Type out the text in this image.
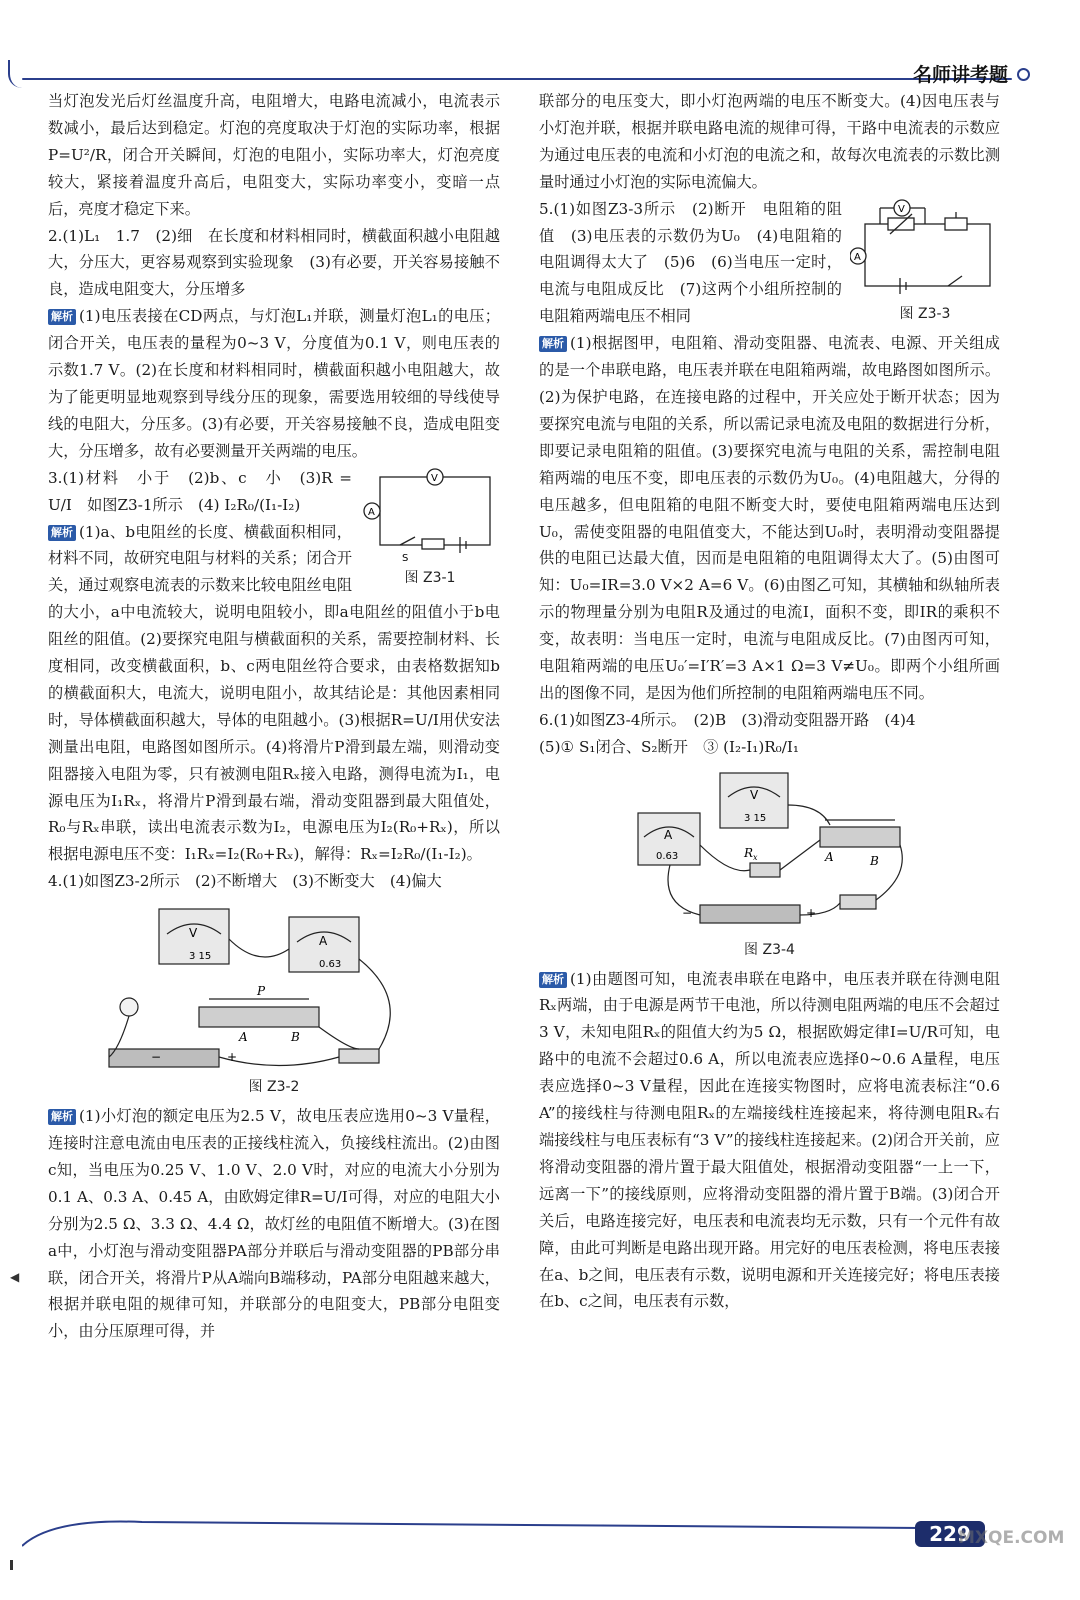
名师讲考题

当灯泡发光后灯丝温度升高，电阻增大，电路电流减小，电流表示数减小，最后达到稳定。灯泡的亮度取决于灯泡的实际功率，根据P=U²/R，闭合开关瞬间，灯泡的电阻小，实际功率大，灯泡亮度较大，紧接着温度升高后，电阻变大，实际功率变小，变暗一点后，亮度才稳定下来。

2.(1)L₁　1.7　(2)细　在长度和材料相同时，横截面积越小电阻越大，分压大，更容易观察到实验现象　(3)有必要，开关容易接触不良，造成电阻变大，分压增多

解析 (1)电压表接在CD两点，与灯泡L₁并联，测量灯泡L₁的电压；闭合开关，电压表的量程为0~3 V，分度值为0.1 V，则电压表的示数1.7 V。(2)在长度和材料相同时，横截面积越小电阻越大，故为了能更明显地观察到导线分压的现象，需要选用较细的导线使导线的电阻大，分压多。(3)有必要，开关容易接触不良，造成电阻变大，分压增多，故有必要测量开关两端的电压。

V
A
S
图 Z3-1

3.(1)材料　小于　(2)b、c　小　(3)R = U/I　如图Z3-1所示　(4) I₂R₀/(I₁-I₂)

解析 (1)a、b电阻丝的长度、横截面积相同，材料不同，故研究电阻与材料的关系；闭合开关，通过观察电流表的示数来比较电阻丝电阻的大小，a中电流较大，说明电阻较小，即a电阻丝的阻值小于b电阻丝的阻值。(2)要探究电阻与横截面积的关系，需要控制材料、长度相同，改变横截面积，b、c两电阻丝符合要求，由表格数据知b的横截面积大，电流大，说明电阻小，故其结论是：其他因素相同时，导体横截面积越大，导体的电阻越小。(3)根据R=U/I用伏安法测量出电阻，电路图如图所示。(4)将滑片P滑到最左端，则滑动变阻器接入电阻为零，只有被测电阻Rₓ接入电路，测得电流为I₁，电源电压为I₁Rₓ，将滑片P滑到最右端，滑动变阻器到最大阻值处，R₀与Rₓ串联，读出电流表示数为I₂，电源电压为I₂(R₀+Rₓ)，所以根据电源电压不变：I₁Rₓ=I₂(R₀+Rₓ)，解得：Rₓ=I₂R₀/(I₁-I₂)。

4.(1)如图Z3-2所示　(2)不断增大　(3)不断变大　(4)偏大

3 15
0.63
V
A
P
A	B
−	+
图 Z3-2

解析 (1)小灯泡的额定电压为2.5 V，故电压表应选用0~3 V量程，连接时注意电流由电压表的正接线柱流入，负接线柱流出。(2)由图c知，当电压为0.25 V、1.0 V、2.0 V时，对应的电流大小分别为0.1 A、0.3 A、0.45 A，由欧姆定律R=U/I可得，对应的电阻大小分别为2.5 Ω、3.3 Ω、4.4 Ω，故灯丝的电阻值不断增大。(3)在图a中，小灯泡与滑动变阻器PA部分并联后与滑动变阻器的PB部分串联，闭合开关，将滑片P从A端向B端移动，PA部分电阻越来越大，根据并联电阻的规律可知，并联部分的电阻变大，PB部分电阻变小，由分压原理可得，并

联部分的电压变大，即小灯泡两端的电压不断变大。(4)因电压表与小灯泡并联，根据并联电路电流的规律可得，干路中电流表的示数应为通过电压表的电流和小灯泡的电流之和，故每次电流表的示数比测量时通过小灯泡的实际电流偏大。

V
A
图 Z3-3

5.(1)如图Z3-3所示　(2)断开　电阻箱的阻值　(3)电压表的示数仍为U₀　(4)电阻箱的电阻调得太大了　(5)6　(6)当电压一定时，电流与电阻成反比　(7)这两个小组所控制的电阻箱两端电压不相同

解析 (1)根据图甲，电阻箱、滑动变阻器、电流表、电源、开关组成的是一个串联电路，电压表并联在电阻箱两端，故电路图如图所示。(2)为保护电路，在连接电路的过程中，开关应处于断开状态；因为要探究电流与电阻的关系，所以需记录电流及电阻的数据进行分析，即要记录电阻箱的阻值。(3)要探究电流与电阻的关系，需控制电阻箱两端的电压不变，即电压表的示数仍为U₀。(4)电阻越大，分得的电压越多，但电阻箱的电阻不断变大时，要使电阻箱两端电压达到U₀，需使变阻器的电阻值变大，不能达到U₀时，表明滑动变阻器提供的电阻已达最大值，因而是电阻箱的电阻调得太大了。(5)由图可知：U₀=IR=3.0 V×2 A=6 V。(6)由图乙可知，其横轴和纵轴所表示的物理量分别为电阻R及通过的电流I，面积不变，即IR的乘积不变，故表明：当电压一定时，电流与电阻成反比。(7)由图丙可知，电阻箱两端的电压U₀′=I′R′=3 A×1 Ω=3 V≠U₀。即两个小组所画出的图像不同，是因为他们所控制的电阻箱两端电压不同。

6.(1)如图Z3-4所示。　(2)B　(3)滑动变阻器开路　(4)4

(5)① S₁闭合、S₂断开　③ (I₂-I₁)R₀/I₁

3 15
0.63
V
A
$R_x$	A	B
−	+
图 Z3-4

解析 (1)由题图可知，电流表串联在电路中，电压表并联在待测电阻Rₓ两端，由于电源是两节干电池，所以待测电阻两端的电压不会超过3 V，未知电阻Rₓ的阻值大约为5 Ω，根据欧姆定律I=U/R可知，电路中的电流不会超过0.6 A，所以电流表应选择0~0.6 A量程，电压表应选择0~3 V量程，因此在连接实物图时，应将电流表标注“0.6 A”的接线柱与待测电阻Rₓ的左端接线柱连接起来，将待测电阻Rₓ右端接线柱与电压表标有“3 V”的接线柱连接起来。(2)闭合开关前，应将滑动变阻器的滑片置于最大阻值处，根据滑动变阻器“一上一下，远离一下”的接线原则，应将滑动变阻器的滑片置于B端。(3)闭合开关后，电路连接完好，电压表和电流表均无示数，只有一个元件有故障，由此可判断是电路出现开路。用完好的电压表检测，将电压表接在a、b之间，电压表有示数，说明电源和开关连接完好；将电压表接在b、c之间，电压表有示数，

229
MXQE.COM
◀
